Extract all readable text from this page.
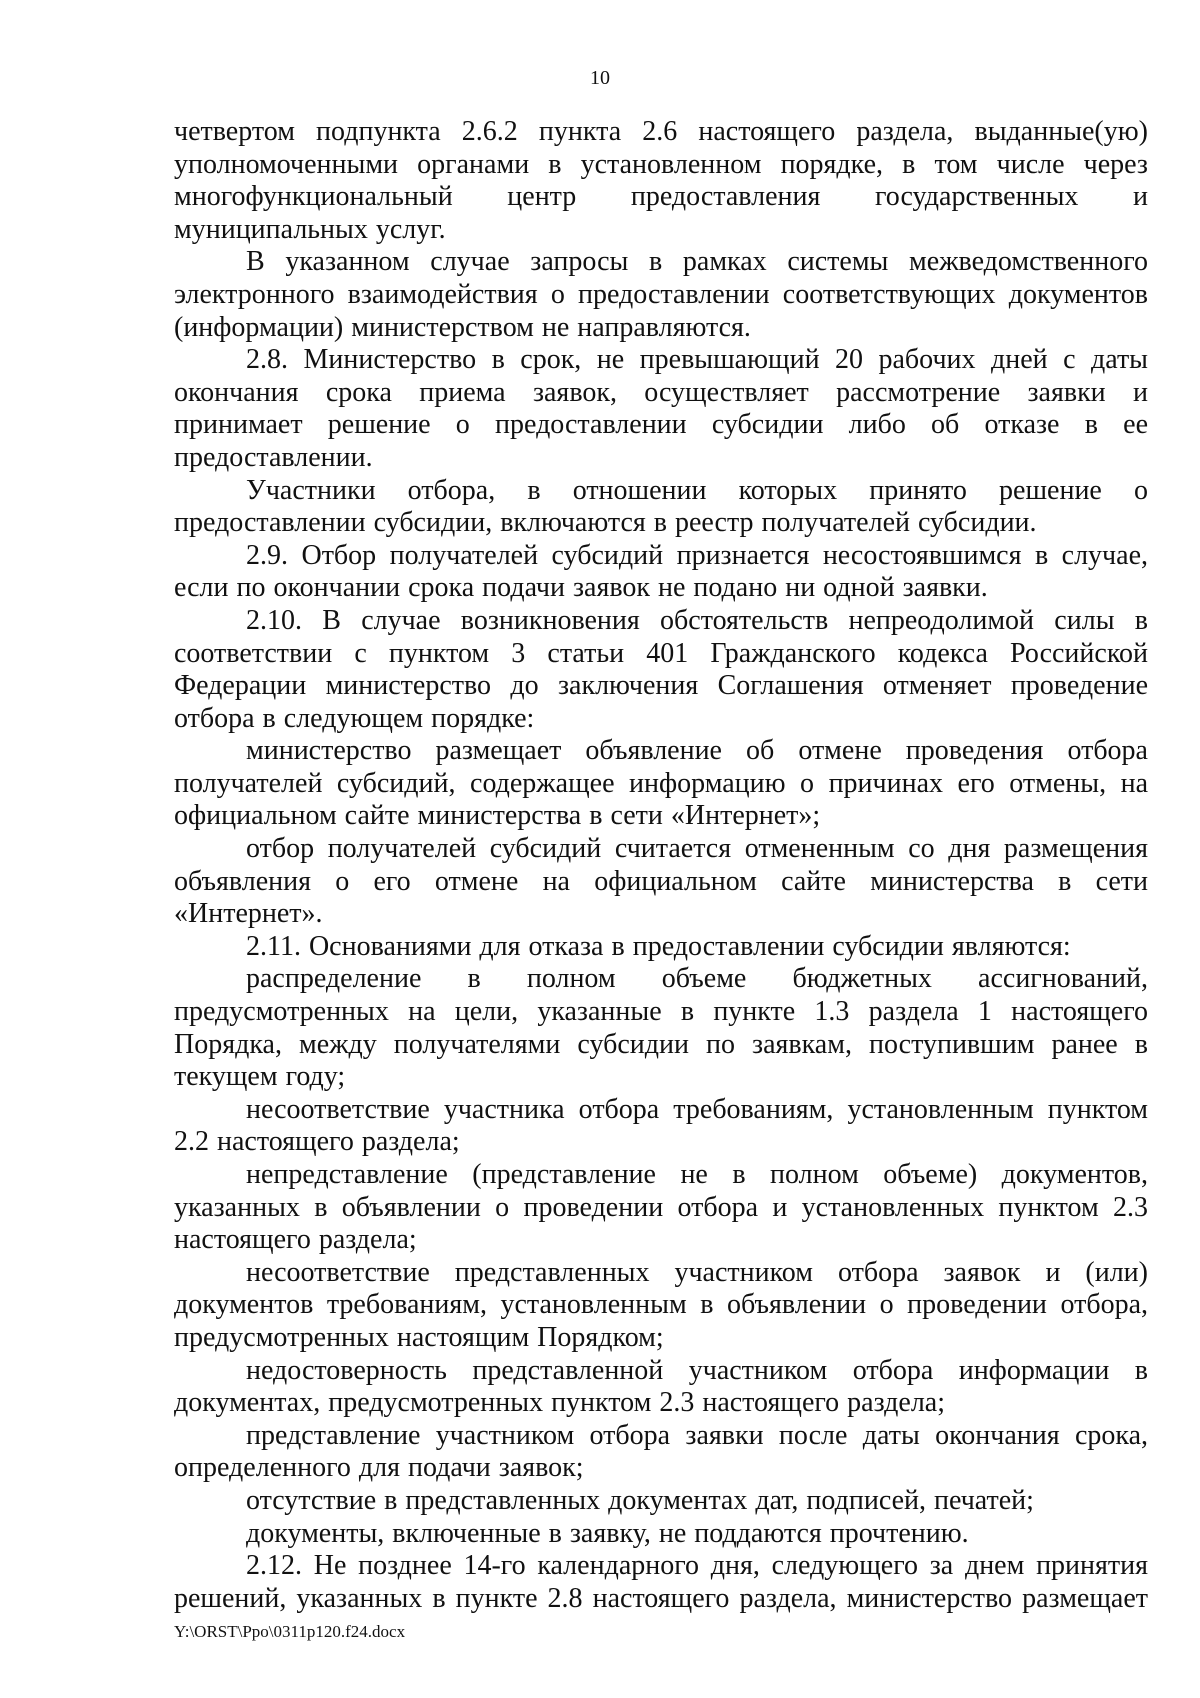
10

четвертом подпункта 2.6.2 пункта 2.6 настоящего раздела, выданные(ую) уполномоченными органами в установленном порядке, в том числе через многофункциональный центр предоставления государственных и муниципальных услуг.

В указанном случае запросы в рамках системы межведомственного электронного взаимодействия о предоставлении соответствующих документов (информации) министерством не направляются.

2.8. Министерство в срок, не превышающий 20 рабочих дней с даты окончания срока приема заявок, осуществляет рассмотрение заявки и принимает решение о предоставлении субсидии либо об отказе в ее предоставлении.

Участники отбора, в отношении которых принято решение о предоставлении субсидии, включаются в реестр получателей субсидии.

2.9. Отбор получателей субсидий признается несостоявшимся в случае, если по окончании срока подачи заявок не подано ни одной заявки.

2.10. В случае возникновения обстоятельств непреодолимой силы в соответствии с пунктом 3 статьи 401 Гражданского кодекса Российской Федерации министерство до заключения Соглашения отменяет проведение отбора в следующем порядке:

министерство размещает объявление об отмене проведения отбора получателей субсидий, содержащее информацию о причинах его отмены, на официальном сайте министерства в сети «Интернет»;

отбор получателей субсидий считается отмененным со дня размещения объявления о его отмене на официальном сайте министерства в сети «Интернет».

2.11. Основаниями для отказа в предоставлении субсидии являются:

распределение в полном объеме бюджетных ассигнований, предусмотренных на цели, указанные в пункте 1.3 раздела 1 настоящего Порядка, между получателями субсидии по заявкам, поступившим ранее в текущем году;

несоответствие участника отбора требованиям, установленным пунктом 2.2 настоящего раздела;

непредставление (представление не в полном объеме) документов, указанных в объявлении о проведении отбора и установленных пунктом 2.3 настоящего раздела;

несоответствие представленных участником отбора заявок и (или) документов требованиям, установленным в объявлении о проведении отбора, предусмотренных настоящим Порядком;

недостоверность представленной участником отбора информации в документах, предусмотренных пунктом 2.3 настоящего раздела;

представление участником отбора заявки после даты окончания срока, определенного для подачи заявок;

отсутствие в представленных документах дат, подписей, печатей;

документы, включенные в заявку, не поддаются прочтению.

2.12. Не позднее 14-го календарного дня, следующего за днем принятия решений, указанных в пункте 2.8 настоящего раздела, министерство размещает

Y:\ORST\Ppo\0311p120.f24.docx
